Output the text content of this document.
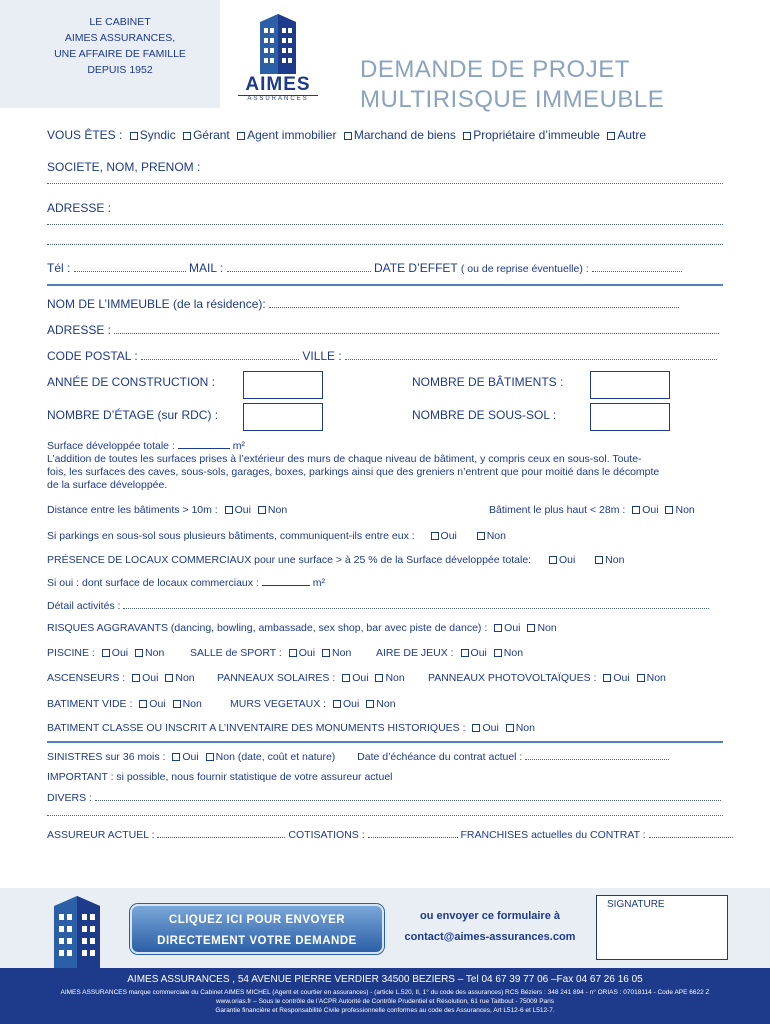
LE CABINET
AIMES ASSURANCES,
UNE AFFAIRE DE FAMILLE
DEPUIS 1952
AIMES
ASSURANCES
DEMANDE DE PROJET
MULTIRISQUE IMMEUBLE
VOUS ÊTES : Syndic Gérant Agent immobilier Marchand de biens Propriétaire d’immeuble Autre
SOCIETE, NOM, PRENOM :
ADRESSE :
Tél :	MAIL :	DATE D’EFFET ( ou de reprise éventuelle) :
NOM DE L’IMMEUBLE (de la résidence):
ADRESSE :
CODE POSTAL :	VILLE :
ANNÉE DE CONSTRUCTION :	NOMBRE DE BÂTIMENTS :
NOMBRE D’ÉTAGE (sur RDC) :	NOMBRE DE SOUS-SOL :
Surface développée totale :	m²
L’addition de toutes les surfaces prises à l’extérieur des murs de chaque niveau de bâtiment, y compris ceux en sous-sol. Toute-
fois, les surfaces des caves, sous-sols, garages, boxes, parkings ainsi que des greniers n’entrent que pour moitié dans le décompte
de la surface développée.
Distance entre les bâtiments > 10m : Oui Non	Bâtiment le plus haut < 28m : Oui Non
Si parkings en sous-sol sous plusieurs bâtiments, communiquent-ils entre eux : Oui	Non
PRÉSENCE DE LOCAUX COMMERCIAUX pour une surface > à 25 % de la Surface développée totale:	Oui	Non
Si oui : dont surface de locaux commerciaux :	m²
Détail activités :
RISQUES AGGRAVANTS (dancing, bowling, ambassade, sex shop, bar avec piste de dance) : Oui Non
PISCINE : Oui Non SALLE de SPORT : Oui Non AIRE DE JEUX : Oui Non
ASCENSEURS : Oui Non PANNEAUX SOLAIRES : Oui Non PANNEAUX PHOTOVOLTAÏQUES : Oui Non
BATIMENT VIDE : Oui Non	MURS VEGETAUX : Oui Non
BATIMENT CLASSE OU INSCRIT A L’INVENTAIRE DES MONUMENTS HISTORIQUES : Oui Non
SINISTRES sur 36 mois : Oui Non (date, coût et nature) Date d’échéance du contrat actuel :
IMPORTANT : si possible, nous fournir statistique de votre assureur actuel
DIVERS :
ASSUREUR ACTUEL :	COTISATIONS :	FRANCHISES actuelles du CONTRAT :
CLIQUEZ ICI POUR ENVOYER
DIRECTEMENT VOTRE DEMANDE
ou envoyer ce formulaire à
contact@aimes-assurances.com
SIGNATURE
AIMES ASSURANCES , 54 AVENUE PIERRE VERDIER 34500 BEZIERS – Tel 04 67 39 77 06 –Fax 04 67 26 16 05
AIMES ASSURANCES marque commerciale du Cabinet AIMES MICHEL (Agent et courtier en assurances) - (article L.520, II, 1° du code des assurances) RCS Béziers : 348 241 894 - n° ORIAS : 07018114 - Code APE 6622 Z
www.orias.fr – Sous le contrôle de l’ACPR Autorité de Contrôle Prudentiel et Résolution, 61 rue Taitbout - 75009 Paris
Garantie financière et Responsabilité Civile professionnelle conformes au code des Assurances, Art L512-6 et L512-7.
